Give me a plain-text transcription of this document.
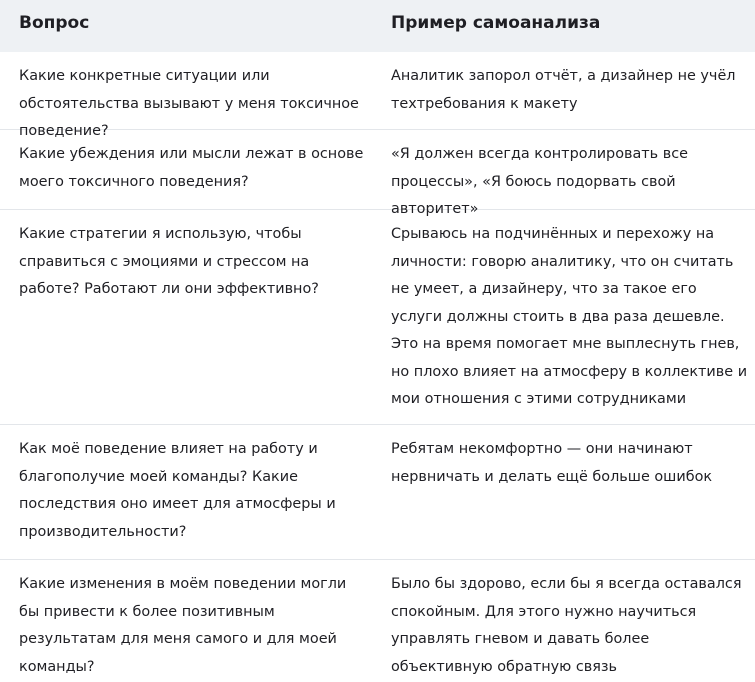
Вопрос	Пример самоанализа
Какие конкретные ситуации или обстоятельства вызывают у меня токсичное поведение?
Аналитик запорол отчёт, а дизайнер не учёл техтребования к макету
Какие убеждения или мысли лежат в основе моего токсичного поведения?
«Я должен всегда контролировать все процессы», «Я боюсь подорвать свой авторитет»
Какие стратегии я использую, чтобы справиться с эмоциями и стрессом на работе? Работают ли они эффективно?
Срываюсь на подчинённых и перехожу на личности: говорю аналитику, что он считать не умеет, а дизайнеру, что за такое его услуги должны стоить в два раза дешевле. Это на время помогает мне выплеснуть гнев, но плохо влияет на атмосферу в коллективе и мои отношения с этими сотрудниками
Как моё поведение влияет на работу и благополучие моей команды? Какие последствия оно имеет для атмосферы и производительности?
Ребятам некомфортно — они начинают нервничать и делать ещё больше ошибок
Какие изменения в моём поведении могли бы привести к более позитивным результатам для меня самого и для моей команды?
Было бы здорово, если бы я всегда оставался спокойным. Для этого нужно научиться управлять гневом и давать более объективную обратную связь
